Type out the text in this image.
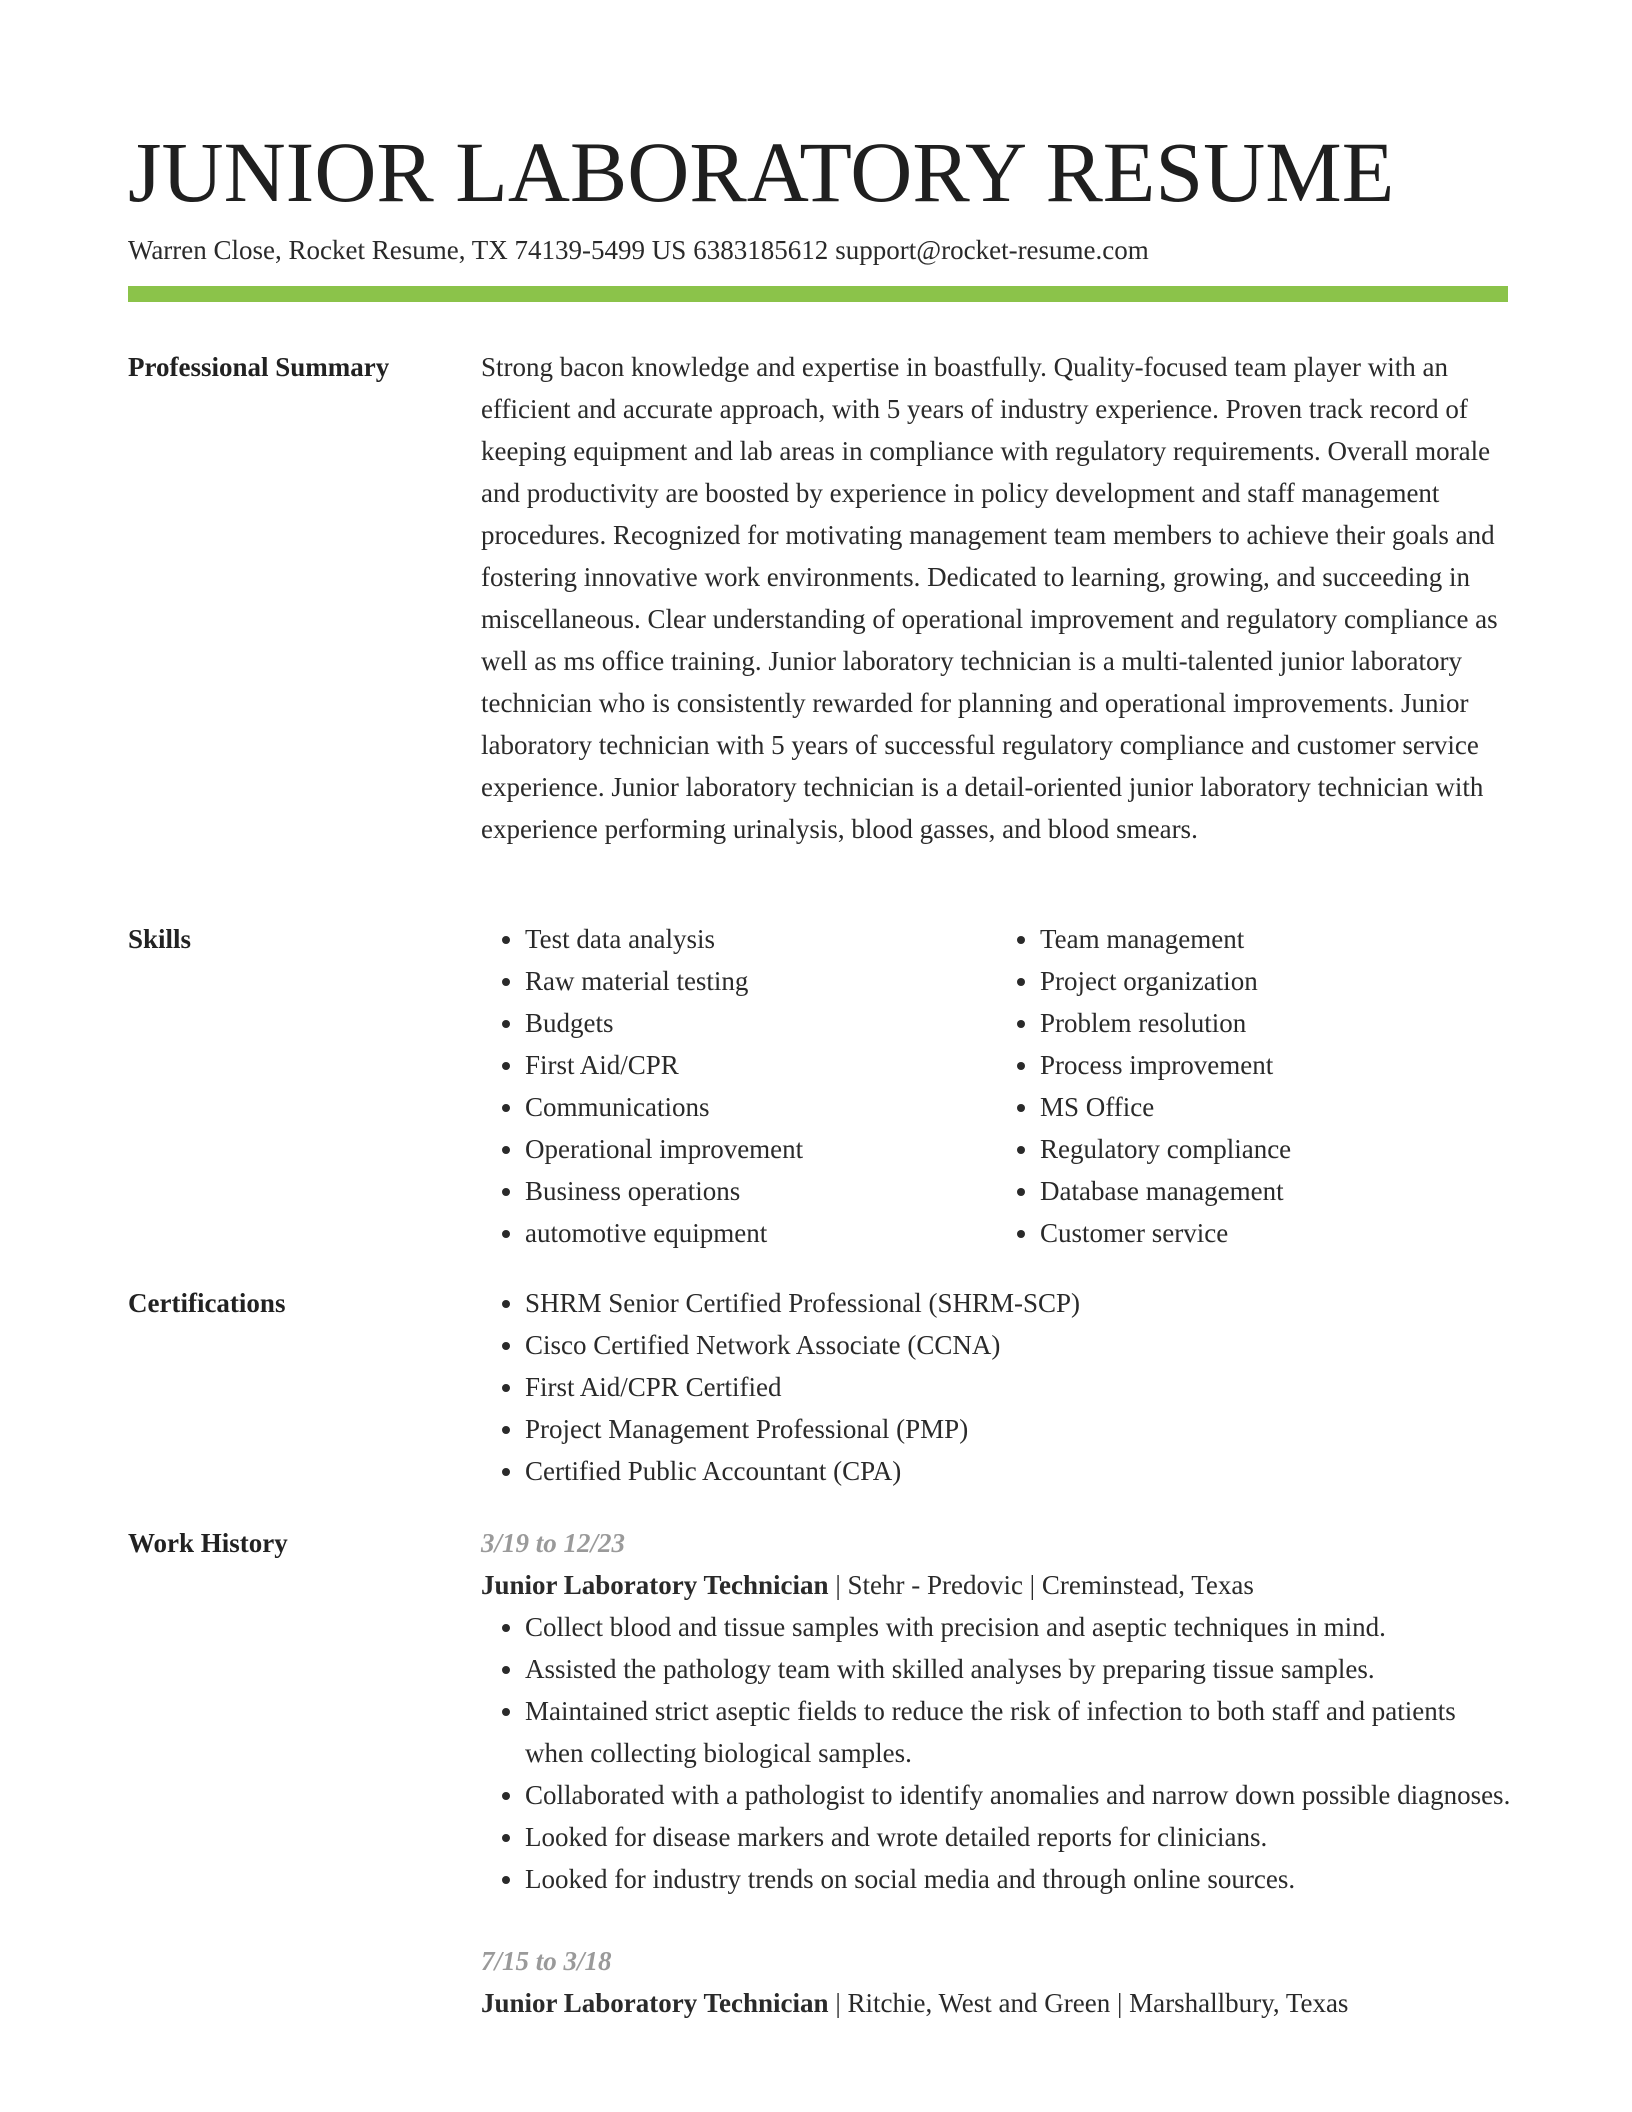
JUNIOR LABORATORY RESUME
Warren Close, Rocket Resume, TX 74139-5499 US 6383185612 support@rocket-resume.com
Professional Summary	Strong bacon knowledge and expertise in boastfully. Quality-focused team player with an efficient and accurate approach, with 5 years of industry experience. Proven track record of keeping equipment and lab areas in compliance with regulatory requirements. Overall morale and productivity are boosted by experience in policy development and staff management procedures. Recognized for motivating management team members to achieve their goals and fostering innovative work environments. Dedicated to learning, growing, and succeeding in miscellaneous. Clear understanding of operational improvement and regulatory compliance as well as ms office training. Junior laboratory technician is a multi-talented junior laboratory technician who is consistently rewarded for planning and operational improvements. Junior laboratory technician with 5 years of successful regulatory compliance and customer service experience. Junior laboratory technician is a detail-oriented junior laboratory technician with experience performing urinalysis, blood gasses, and blood smears.

Skills	• Test data analysis
• Raw material testing
• Budgets
• First Aid/CPR
• Communications
• Operational improvement
• Business operations
• automotive equipment
• Team management
• Project organization
• Problem resolution
• Process improvement
• MS Office
• Regulatory compliance
• Database management
• Customer service
Certifications	• SHRM Senior Certified Professional (SHRM-SCP)
• Cisco Certified Network Associate (CCNA)
• First Aid/CPR Certified
• Project Management Professional (PMP)
• Certified Public Accountant (CPA)
Work History	3/19 to 12/23
Junior Laboratory Technician | Stehr - Predovic | Creminstead, Texas
• Collect blood and tissue samples with precision and aseptic techniques in mind.
• Assisted the pathology team with skilled analyses by preparing tissue samples.
• Maintained strict aseptic fields to reduce the risk of infection to both staff and patients when collecting biological samples.
• Collaborated with a pathologist to identify anomalies and narrow down possible diagnoses.
• Looked for disease markers and wrote detailed reports for clinicians.
• Looked for industry trends on social media and through online sources.
7/15 to 3/18
Junior Laboratory Technician | Ritchie, West and Green | Marshallbury, Texas
